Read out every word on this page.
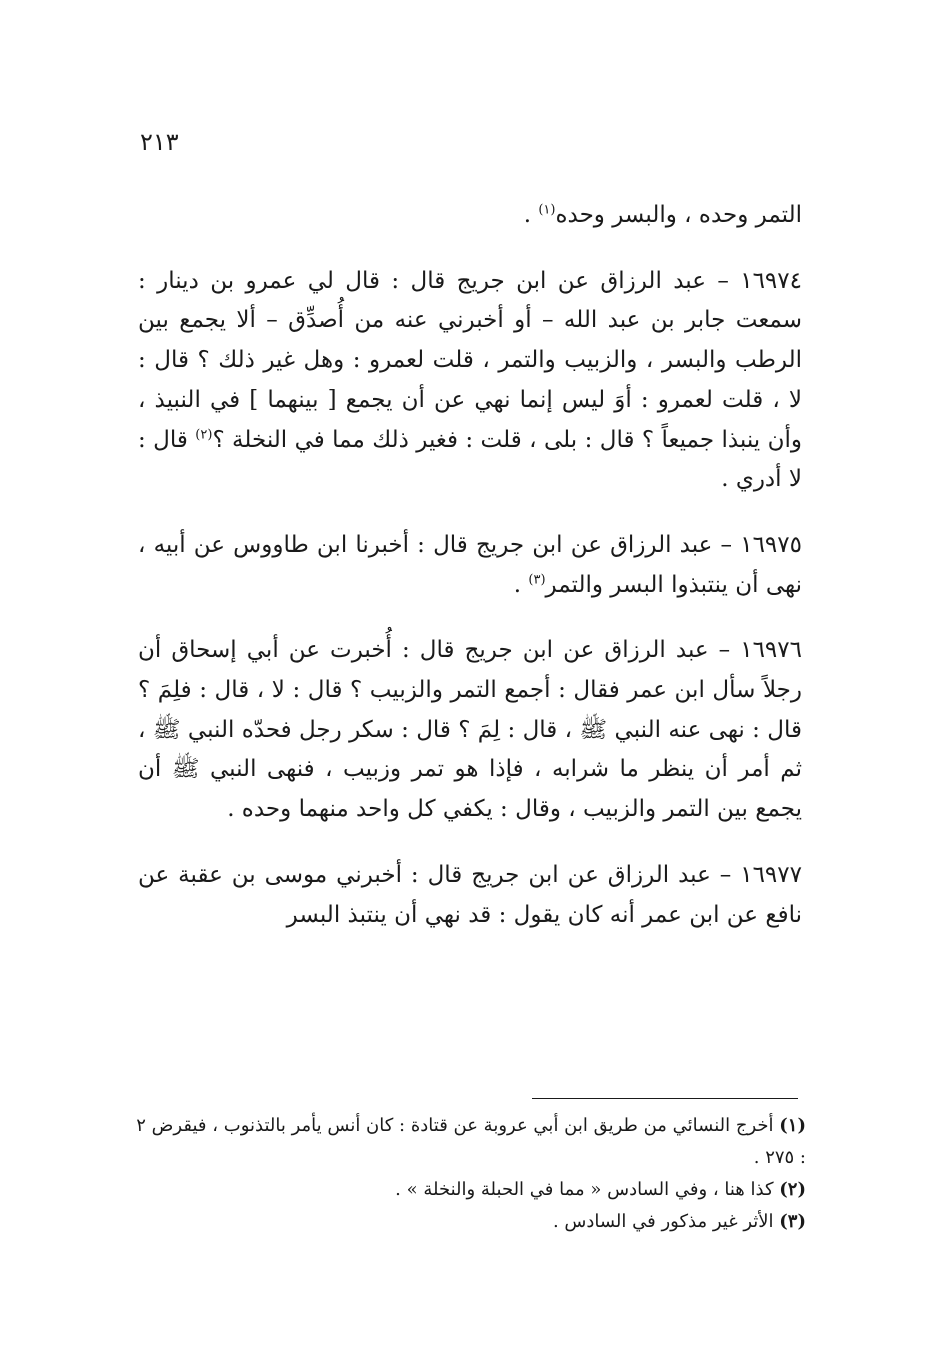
٢١٣

التمر وحده ، والبسر وحده$^{(١)}$ .

١٦٩٧٤ – عبد الرزاق عن ابن جريج قال : قال لي عمرو بن دينار : سمعت جابر بن عبد الله – أو أخبرني عنه من أُصدِّق – ألا يجمع بين الرطب والبسر ، والزبيب والتمر ، قلت لعمرو : وهل غير ذلك ؟ قال : لا ، قلت لعمرو : أوَ ليس إنما نهي عن أن يجمع [ بينهما ] في النبيذ ، وأن ينبذا جميعاً ؟ قال : بلى ، قلت : فغير ذلك مما في النخلة ؟$^{(٢)}$ قال : لا أدري .

١٦٩٧٥ – عبد الرزاق عن ابن جريج قال : أخبرنا ابن طاووس عن أبيه ، نهى أن ينتبذوا البسر والتمر$^{(٣)}$ .

١٦٩٧٦ – عبد الرزاق عن ابن جريج قال : أُخبرت عن أبي إسحاق أن رجلاً سأل ابن عمر فقال : أجمع التمر والزبيب ؟ قال : لا ، قال : فلِمَ ؟ قال : نهى عنه النبي ﷺ ، قال : لِمَ ؟ قال : سكر رجل فحدّه النبي ﷺ ، ثم أمر أن ينظر ما شرابه ، فإذا هو تمر وزبيب ، فنهى النبي ﷺ أن يجمع بين التمر والزبيب ، وقال : يكفي كل واحد منهما وحده .

١٦٩٧٧ – عبد الرزاق عن ابن جريج قال : أخبرني موسى بن عقبة عن نافع عن ابن عمر أنه كان يقول : قد نهي أن ينتبذ البسر

(١) أخرج النسائي من طريق ابن أبي عروبة عن قتادة : كان أنس يأمر بالتذنوب ، فيقرض ٢ : ٢٧٥ .

(٢) كذا هنا ، وفي السادس « مما في الحبلة والنخلة » .

(٣) الأثر غير مذكور في السادس .
